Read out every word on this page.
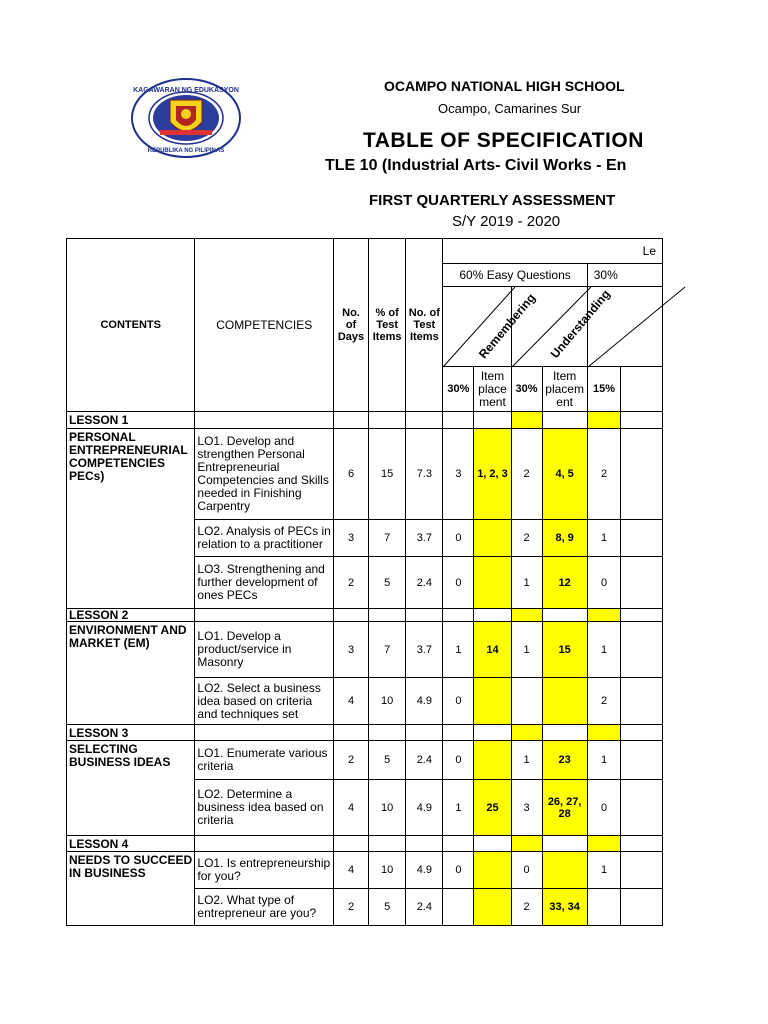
KAGAWARAN NG EDUKASYON
REPUBLIKA NG PILIPINAS
OCAMPO NATIONAL HIGH SCHOOL
Ocampo, Camarines Sur
TABLE OF SPECIFICATION
TLE 10 (Industrial Arts- Civil Works - En
FIRST QUARTERLY ASSESSMENT
S/Y 2019 - 2020
CONTENTS	COMPETENCIES	No. of Days	% of Test Items	No. of Test Items	Le					
					60% Easy Questions				30%	

					Remembering		Understanding

					30%	Item place ment	30%	Item placem ent	15%	
LESSON 1										
PERSONAL ENTREPRENEURIAL COMPETENCIES PECs)	LO1. Develop and strengthen Personal Entrepreneurial Competencies and Skills needed in Finishing Carpentry	6	15	7.3	3	1, 2, 3	2	4, 5	2	
	LO2. Analysis of PECs in relation to a practitioner	3	7	3.7	0		2	8, 9	1	
	LO3. Strengthening and further development of ones PECs	2	5	2.4	0		1	12	0	
LESSON 2										
ENVIRONMENT AND MARKET (EM)	LO1. Develop a product/service in Masonry	3	7	3.7	1	14	1	15	1	
	LO2. Select a business idea based on criteria and techniques set	4	10	4.9	0				2	
LESSON 3										
SELECTING BUSINESS IDEAS	LO1. Enumerate various criteria	2	5	2.4	0		1	23	1	
	LO2. Determine a business idea based on criteria	4	10	4.9	1	25	3	26, 27, 28	0	
LESSON 4										
NEEDS TO SUCCEED IN BUSINESS	LO1. Is entrepreneurship for you?	4	10	4.9	0		0		1	
	LO2. What type of entrepreneur are you?	2	5	2.4			2	33, 34		
